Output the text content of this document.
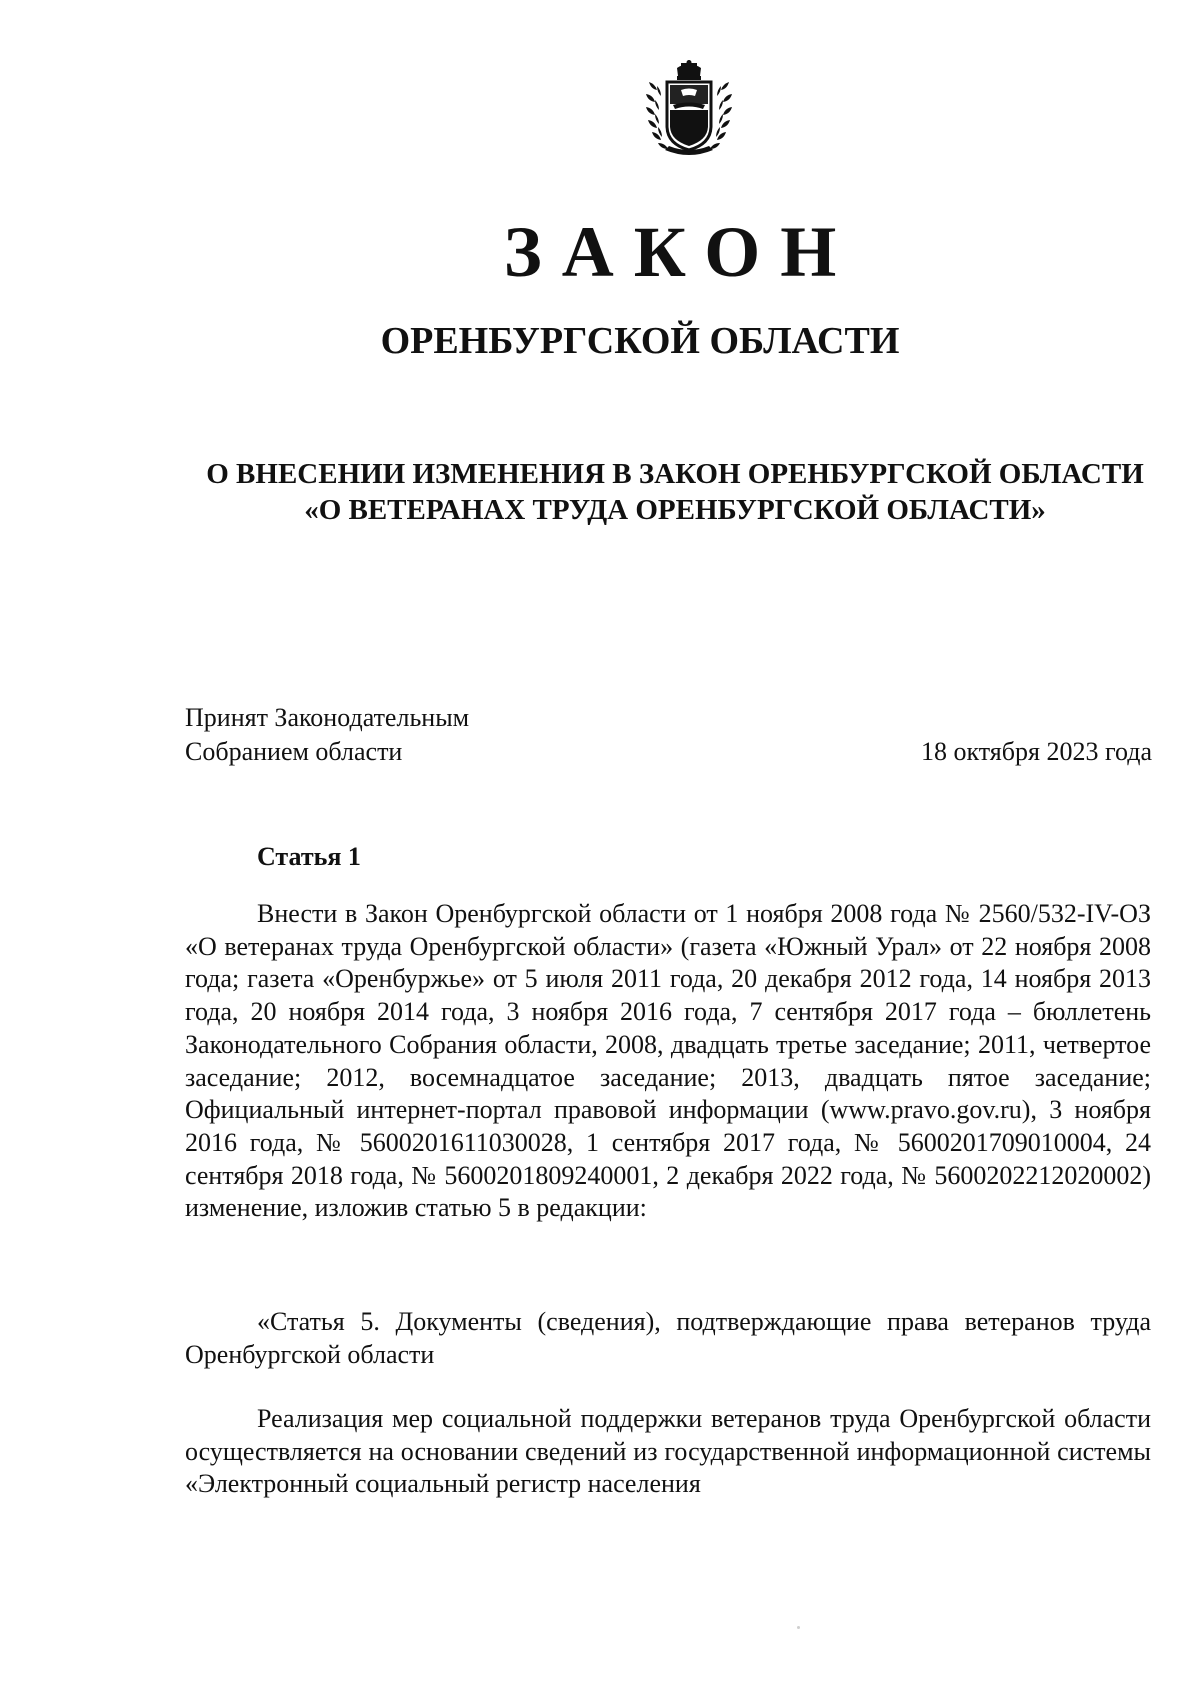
ЗАКОН
ОРЕНБУРГСКОЙ ОБЛАСТИ
О ВНЕСЕНИИ ИЗМЕНЕНИЯ В ЗАКОН ОРЕНБУРГСКОЙ ОБЛАСТИ
«О ВЕТЕРАНАХ ТРУДА ОРЕНБУРГСКОЙ ОБЛАСТИ»
Принят Законодательным
Собранием области	18 октября 2023 года
Статья 1

Внести в Закон Оренбургской области от 1 ноября 2008 года № 2560/532-IV-ОЗ «О ветеранах труда Оренбургской области» (газета «Южный Урал» от 22 ноября 2008 года; газета «Оренбуржье» от 5 июля 2011 года, 20 декабря 2012 года, 14 ноября 2013 года, 20 ноября 2014 года, 3 ноября 2016 года, 7 сентября 2017 года – бюллетень Законодательного Собрания области, 2008, двадцать третье заседание; 2011, четвертое заседание; 2012, восемнадцатое заседание; 2013, двадцать пятое заседание; Официальный интернет-портал правовой информации (www.pravo.gov.ru), 3 ноября 2016 года, № 5600201611030028, 1 сентября 2017 года, № 5600201709010004, 24 сентября 2018 года, № 5600201809240001, 2 декабря 2022 года, № 5600202212020002) изменение, изложив статью 5 в редакции:

«Статья 5. Документы (сведения), подтверждающие права ветеранов труда Оренбургской области

Реализация мер социальной поддержки ветеранов труда Оренбургской области осуществляется на основании сведений из государственной информационной системы «Электронный социальный регистр населения
